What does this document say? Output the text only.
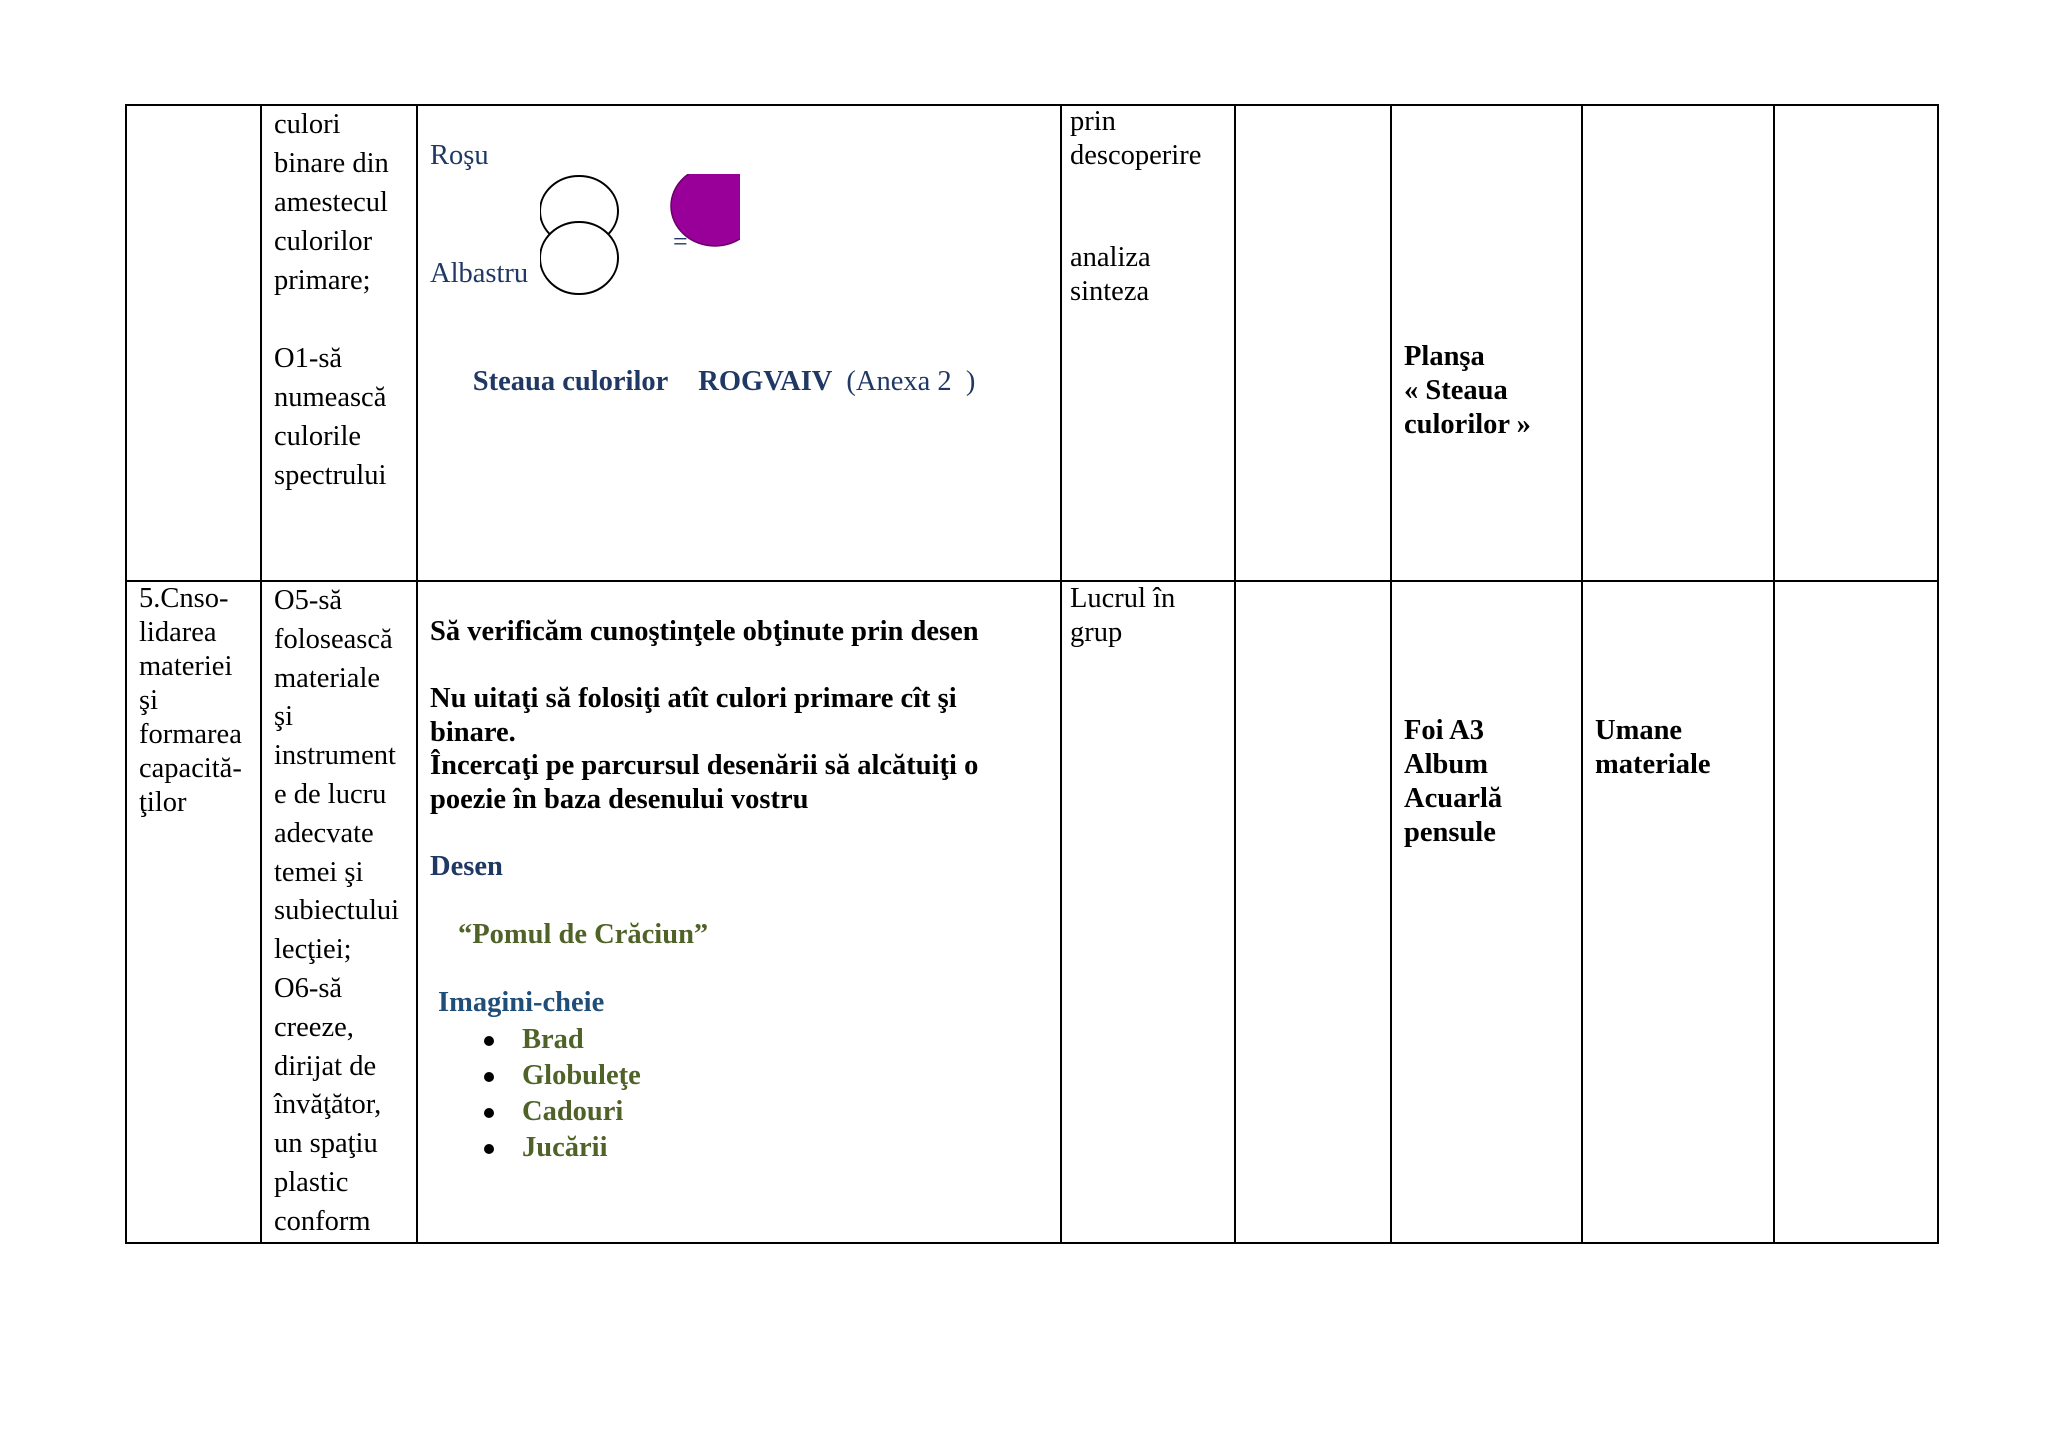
culori
binare din
amestecul
culorilor
primare;

O1-să
numească
culorile
spectrului
Roşu
Albastru
=

Steaua culorilor ROGVAIV (Anexa 2  )

prin
descoperire

analiza
sinteza
Planşa
« Steaua
culorilor »
5.Cnso-
lidarea
materiei
şi
formarea
capacită-
ţilor
O5-să
folosească
materiale
şi
instrument
e de lucru
adecvate
temei şi
subiectului
lecţiei;
O6-să
creeze,
dirijat de
învăţător,
un spaţiu
plastic
conform
Să verificăm cunoştinţele obţinute prin desen
Nu uitaţi să folosiţi atît culori primare cît şi
binare.
Încercaţi pe parcursul desenării să alcătuiţi o
poezie în baza desenului vostru
Desen
“Pomul de Crăciun”
Imagini-cheie
Brad
Globuleţe
Cadouri
Jucării
Lucrul în
grup
Foi A3
Album
Acuarlă
pensule
Umane
materiale
